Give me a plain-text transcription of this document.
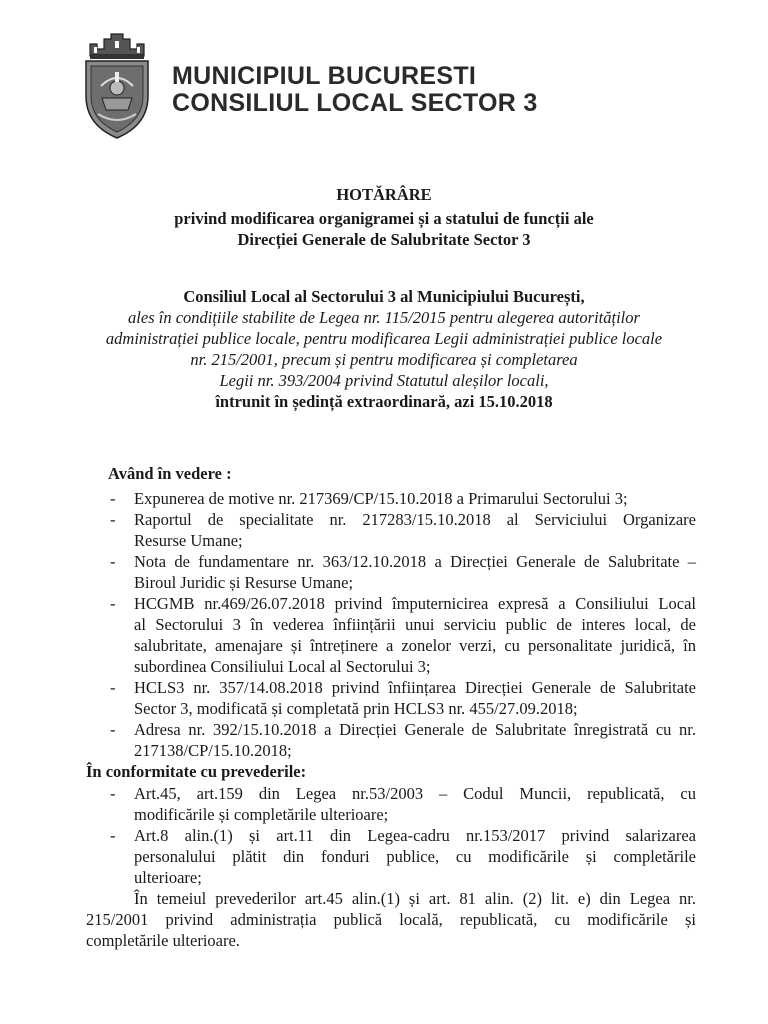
MUNICIPIUL BUCURESTI
CONSILIUL LOCAL SECTOR 3
HOTĂRÂRE
privind modificarea organigramei și a statului de funcții ale
Direcției Generale de Salubritate Sector 3
Consiliul Local al Sectorului 3 al Municipiului București,
ales în condițiile stabilite de Legea nr. 115/2015 pentru alegerea autorităților
administrației publice locale, pentru modificarea Legii administrației publice locale
nr. 215/2001, precum și pentru modificarea și completarea
Legii nr. 393/2004 privind Statutul aleșilor locali,
întrunit în ședință extraordinară, azi 15.10.2018
Având în vedere :
- Expunerea de motive nr. 217369/CP/15.10.2018 a Primarului Sectorului 3;
- Raportul de specialitate nr. 217283/15.10.2018 al Serviciului Organizare
Resurse Umane;
- Nota de fundamentare nr. 363/12.10.2018 a Direcției Generale de Salubritate –
Biroul Juridic și Resurse Umane;
- HCGMB nr.469/26.07.2018 privind împuternicirea expresă a Consiliului Local
al Sectorului 3 în vederea înființării unui serviciu public de interes local, de
salubritate, amenajare și întreținere a zonelor verzi, cu personalitate juridică, în
subordinea Consiliului Local al Sectorului 3;
- HCLS3 nr. 357/14.08.2018 privind înființarea Direcției Generale de Salubritate
Sector 3, modificată și completată prin HCLS3 nr. 455/27.09.2018;
- Adresa nr. 392/15.10.2018 a Direcției Generale de Salubritate înregistrată cu nr.
217138/CP/15.10.2018;
În conformitate cu prevederile:
- Art.45, art.159 din Legea nr.53/2003 – Codul Muncii, republicată, cu
modificările și completările ulterioare;
- Art.8 alin.(1) și art.11 din Legea-cadru nr.153/2017 privind salarizarea
personalului plătit din fonduri publice, cu modificările și completările
ulterioare;
În temeiul prevederilor art.45 alin.(1) și art. 81 alin. (2) lit. e) din Legea nr.
215/2001 privind administrația publică locală, republicată, cu modificările și
completările ulterioare.
